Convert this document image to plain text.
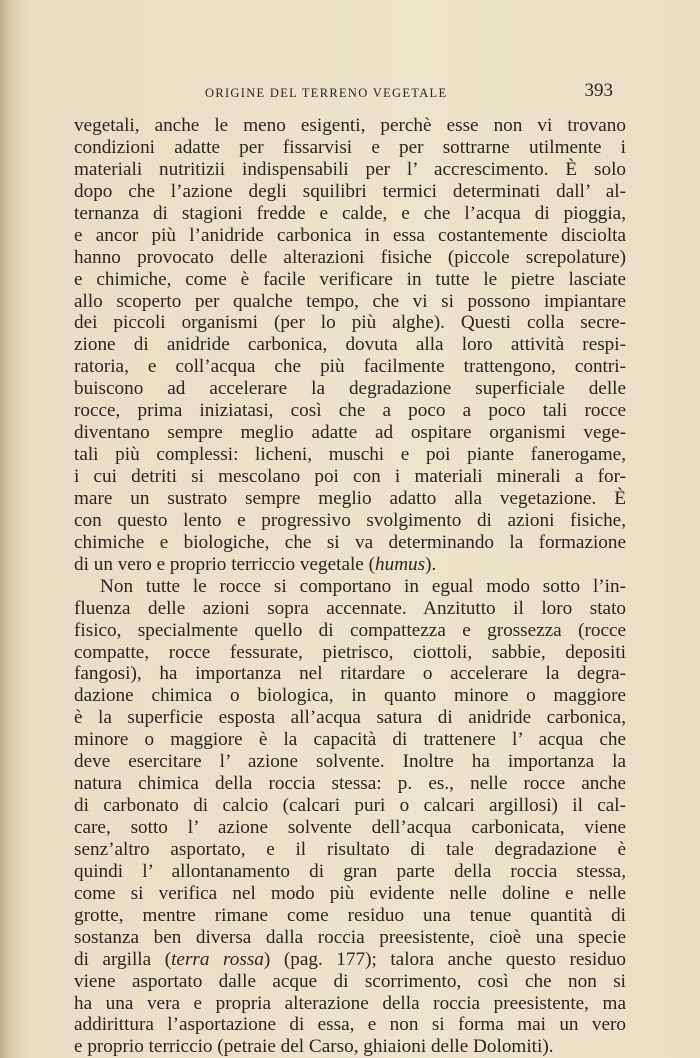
ORIGINE DEL TERRENO VEGETALE	393
vegetali, anche le meno esigenti, perchè esse non vi trovano
condizioni adatte per fissarvisi e per sottrarne utilmente i
materiali nutritizii indispensabili per l’ accrescimento. È solo
dopo che l’azione degli squilibri termici determinati dall’ al-
ternanza di stagioni fredde e calde, e che l’acqua di pioggia,
e ancor più l’anidride carbonica in essa costantemente disciolta
hanno provocato delle alterazioni fisiche (piccole screpolature)
e chimiche, come è facile verificare in tutte le pietre lasciate
allo scoperto per qualche tempo, che vi si possono impiantare
dei piccoli organismi (per lo più alghe). Questi colla secre-
zione di anidride carbonica, dovuta alla loro attività respi-
ratoria, e coll’acqua che più facilmente trattengono, contri-
buiscono ad accelerare la degradazione superficiale delle
rocce, prima iniziatasi, così che a poco a poco tali rocce
diventano sempre meglio adatte ad ospitare organismi vege-
tali più complessi: licheni, muschi e poi piante fanerogame,
i cui detriti si mescolano poi con i materiali minerali a for-
mare un sustrato sempre meglio adatto alla vegetazione. È
con questo lento e progressivo svolgimento di azioni fisiche,
chimiche e biologiche, che si va determinando la formazione
di un vero e proprio terriccio vegetale (humus).
Non tutte le rocce si comportano in egual modo sotto l’in-
fluenza delle azioni sopra accennate. Anzitutto il loro stato
fisico, specialmente quello di compattezza e grossezza (rocce
compatte, rocce fessurate, pietrisco, ciottoli, sabbie, depositi
fangosi), ha importanza nel ritardare o accelerare la degra-
dazione chimica o biologica, in quanto minore o maggiore
è la superficie esposta all’acqua satura di anidride carbonica,
minore o maggiore è la capacità di trattenere l’ acqua che
deve esercitare l’ azione solvente. Inoltre ha importanza la
natura chimica della roccia stessa: p. es., nelle rocce anche
di carbonato di calcio (calcari puri o calcari argillosi) il cal-
care, sotto l’ azione solvente dell’acqua carbonicata, viene
senz’altro asportato, e il risultato di tale degradazione è
quindi l’ allontanamento di gran parte della roccia stessa,
come si verifica nel modo più evidente nelle doline e nelle
grotte, mentre rimane come residuo una tenue quantità di
sostanza ben diversa dalla roccia preesistente, cioè una specie
di argilla (terra rossa) (pag. 177); talora anche questo residuo
viene asportato dalle acque di scorrimento, così che non si
ha una vera e propria alterazione della roccia preesistente, ma
addirittura l’asportazione di essa, e non si forma mai un vero
e proprio terriccio (petraie del Carso, ghiaioni delle Dolomiti).
